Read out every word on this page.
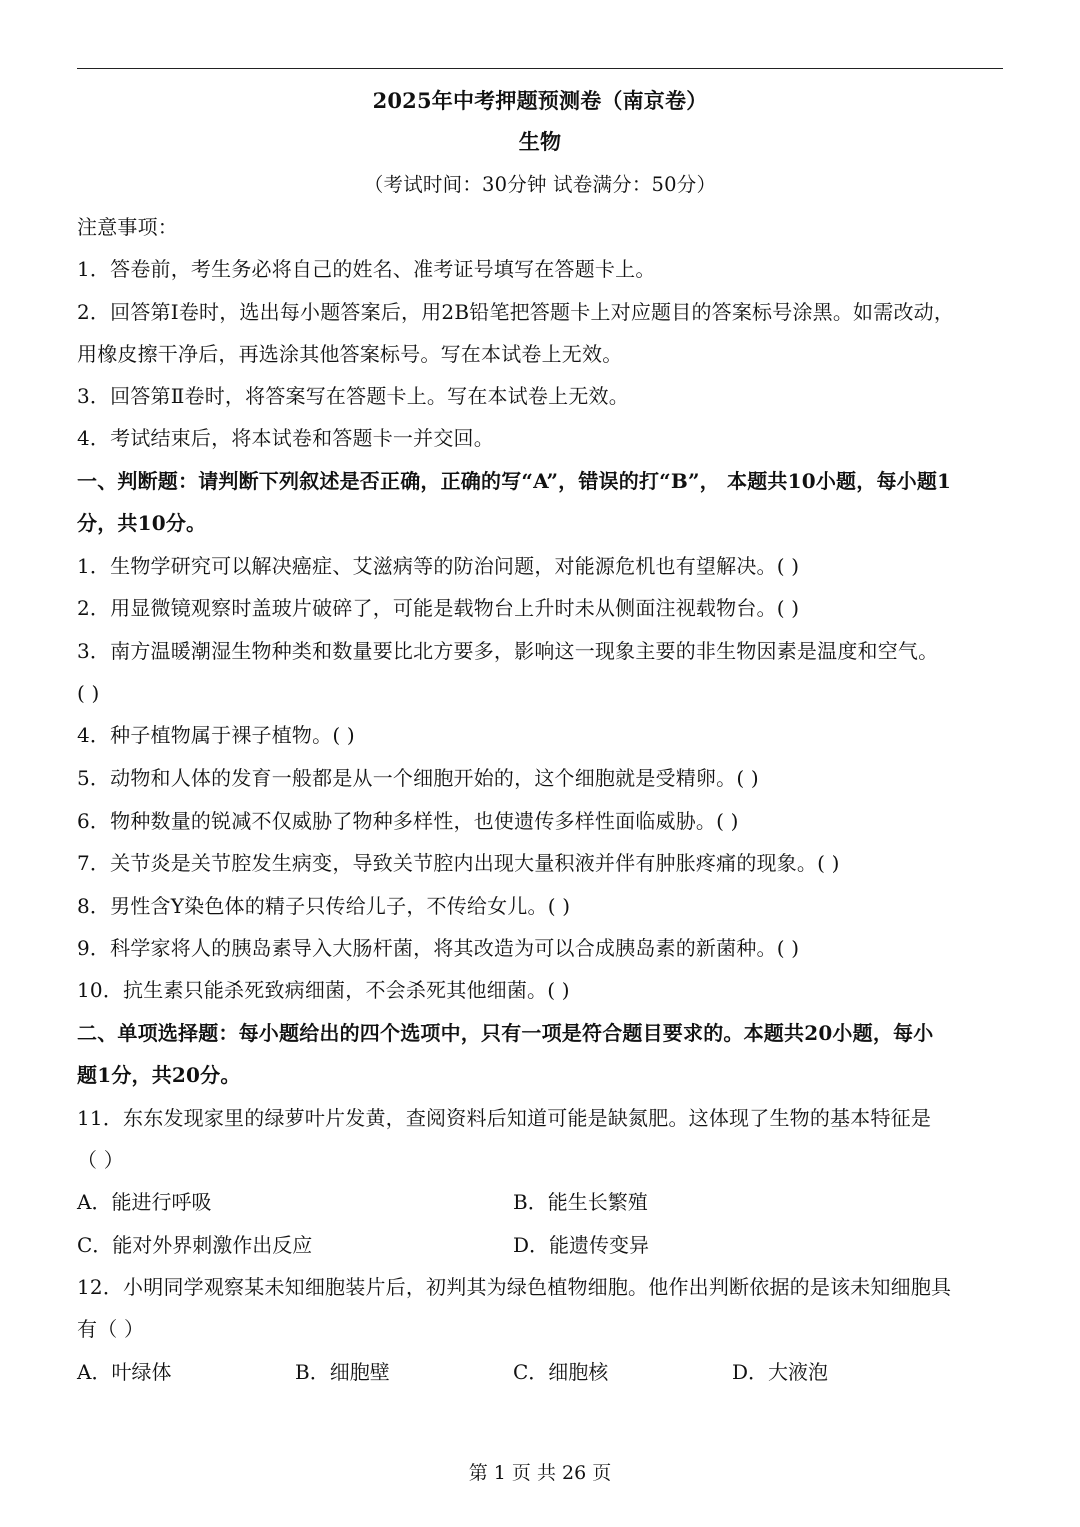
2025年中考押题预测卷（南京卷）
生物
（考试时间：30分钟 试卷满分：50分）
注意事项：
1．答卷前，考生务必将自己的姓名、准考证号填写在答题卡上。
2．回答第Ⅰ卷时，选出每小题答案后，用2B铅笔把答题卡上对应题目的答案标号涂黑。如需改动，
用橡皮擦干净后，再选涂其他答案标号。写在本试卷上无效。
3．回答第Ⅱ卷时，将答案写在答题卡上。写在本试卷上无效。
4．考试结束后，将本试卷和答题卡一并交回。
一、判断题：请判断下列叙述是否正确，正确的写“A”，错误的打“B”， 本题共10小题，每小题1
分，共10分。
1．生物学研究可以解决癌症、艾滋病等的防治问题，对能源危机也有望解决。( )
2．用显微镜观察时盖玻片破碎了，可能是载物台上升时未从侧面注视载物台。( )
3．南方温暖潮湿生物种类和数量要比北方要多，影响这一现象主要的非生物因素是温度和空气。
( )
4．种子植物属于裸子植物。( )
5．动物和人体的发育一般都是从一个细胞开始的，这个细胞就是受精卵。( )
6．物种数量的锐减不仅威胁了物种多样性，也使遗传多样性面临威胁。( )
7．关节炎是关节腔发生病变，导致关节腔内出现大量积液并伴有肿胀疼痛的现象。( )
8．男性含Y染色体的精子只传给儿子，不传给女儿。( )
9．科学家将人的胰岛素导入大肠杆菌，将其改造为可以合成胰岛素的新菌种。( )
10．抗生素只能杀死致病细菌，不会杀死其他细菌。( )
二、单项选择题：每小题给出的四个选项中，只有一项是符合题目要求的。本题共20小题，每小
题1分，共20分。
11．东东发现家里的绿萝叶片发黄，查阅资料后知道可能是缺氮肥。这体现了生物的基本特征是
（ ）
A．能进行呼吸	B．能生长繁殖
C．能对外界刺激作出反应	D．能遗传变异
12．小明同学观察某未知细胞装片后，初判其为绿色植物细胞。他作出判断依据的是该未知细胞具
有（ ）
A．叶绿体	B．细胞壁	C．细胞核	D．大液泡
第 1 页 共 26 页
